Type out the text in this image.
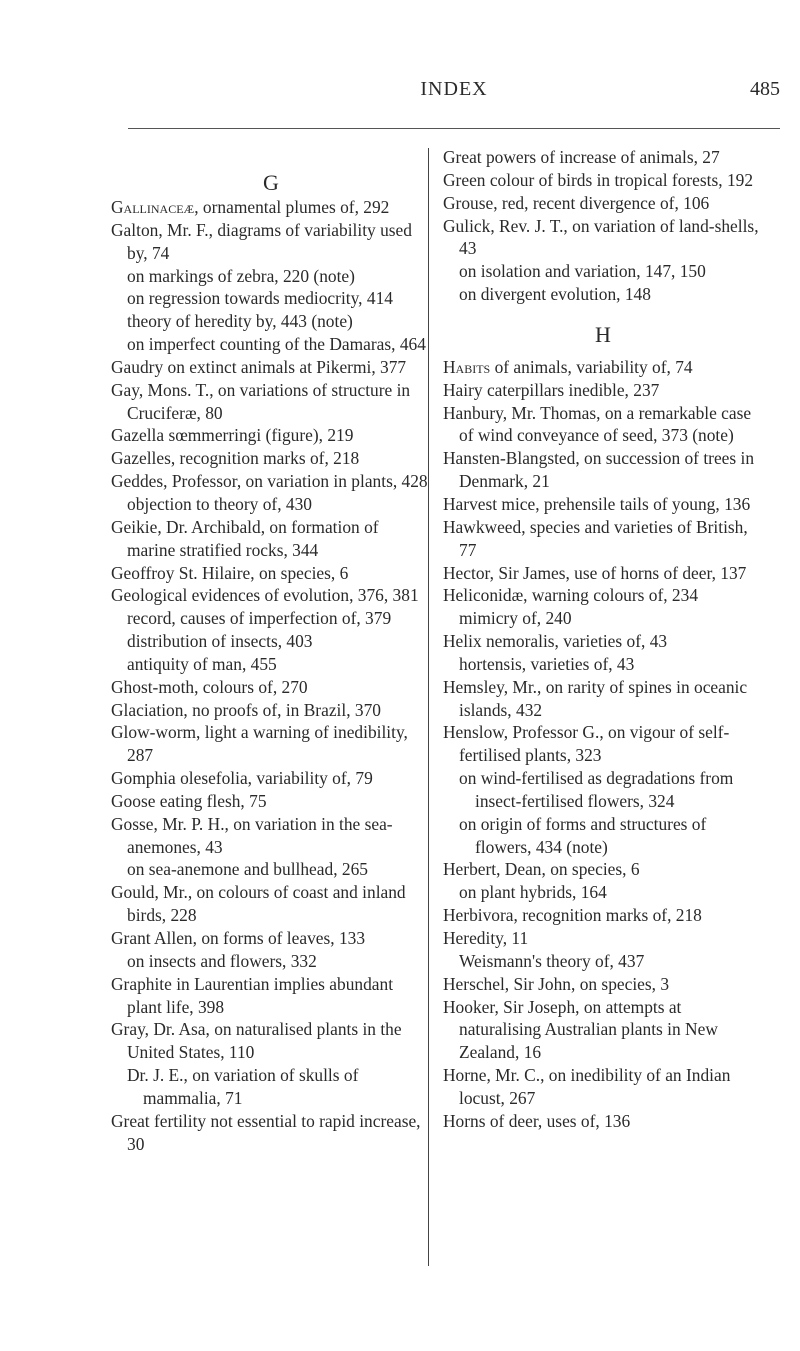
INDEX	485
G
Gallinaceæ, ornamental plumes of, 292
Galton, Mr. F., diagrams of variability used by, 74
on markings of zebra, 220 (note)
on regression towards mediocrity, 414
theory of heredity by, 443 (note)
on imperfect counting of the Damaras, 464
Gaudry on extinct animals at Pikermi, 377
Gay, Mons. T., on variations of structure in Cruciferæ, 80
Gazella sœmmerringi (figure), 219
Gazelles, recognition marks of, 218
Geddes, Professor, on variation in plants, 428
objection to theory of, 430
Geikie, Dr. Archibald, on formation of marine stratified rocks, 344
Geoffroy St. Hilaire, on species, 6
Geological evidences of evolution, 376, 381
record, causes of imperfection of, 379
distribution of insects, 403
antiquity of man, 455
Ghost-moth, colours of, 270
Glaciation, no proofs of, in Brazil, 370
Glow-worm, light a warning of inedibility, 287
Gomphia olesefolia, variability of, 79
Goose eating flesh, 75
Gosse, Mr. P. H., on variation in the sea-anemones, 43
on sea-anemone and bullhead, 265
Gould, Mr., on colours of coast and inland birds, 228
Grant Allen, on forms of leaves, 133
on insects and flowers, 332
Graphite in Laurentian implies abundant plant life, 398
Gray, Dr. Asa, on naturalised plants in the United States, 110
Dr. J. E., on variation of skulls of mammalia, 71
Great fertility not essential to rapid increase, 30
Great powers of increase of animals, 27
Green colour of birds in tropical forests, 192
Grouse, red, recent divergence of, 106
Gulick, Rev. J. T., on variation of land-shells, 43
on isolation and variation, 147, 150
on divergent evolution, 148
H
Habits of animals, variability of, 74
Hairy caterpillars inedible, 237
Hanbury, Mr. Thomas, on a remarkable case of wind conveyance of seed, 373 (note)
Hansten-Blangsted, on succession of trees in Denmark, 21
Harvest mice, prehensile tails of young, 136
Hawkweed, species and varieties of British, 77
Hector, Sir James, use of horns of deer, 137
Heliconidæ, warning colours of, 234
mimicry of, 240
Helix nemoralis, varieties of, 43
hortensis, varieties of, 43
Hemsley, Mr., on rarity of spines in oceanic islands, 432
Henslow, Professor G., on vigour of self-fertilised plants, 323
on wind-fertilised as degradations from insect-fertilised flowers, 324
on origin of forms and structures of flowers, 434 (note)
Herbert, Dean, on species, 6
on plant hybrids, 164
Herbivora, recognition marks of, 218
Heredity, 11
Weismann's theory of, 437
Herschel, Sir John, on species, 3
Hooker, Sir Joseph, on attempts at naturalising Australian plants in New Zealand, 16
Horne, Mr. C., on inedibility of an Indian locust, 267
Horns of deer, uses of, 136
